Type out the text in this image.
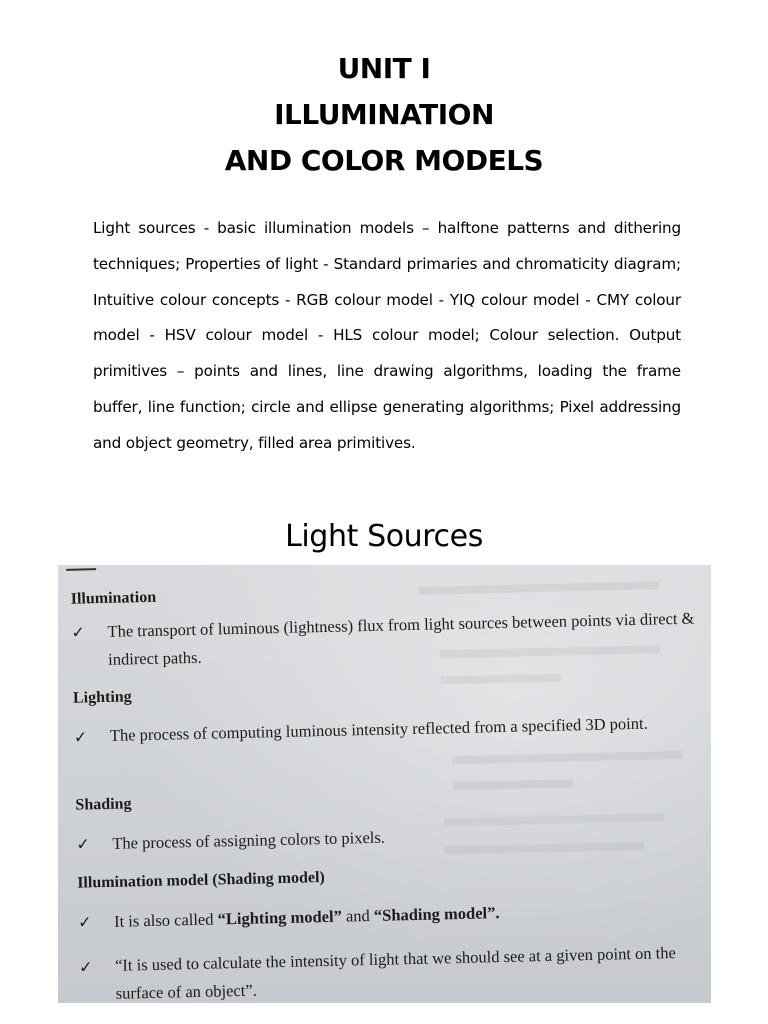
UNIT I
ILLUMINATION
AND COLOR MODELS
Light sources - basic illumination models – halftone patterns and dithering techniques; Properties of light - Standard primaries and chromaticity diagram; Intuitive colour concepts - RGB colour model - YIQ colour model - CMY colour model - HSV colour model - HLS colour model; Colour selection. Output primitives – points and lines, line drawing algorithms, loading the frame buffer, line function; circle and ellipse generating algorithms; Pixel addressing and object geometry, filled area primitives.
Light Sources
Illumination
✓ The transport of luminous (lightness) flux from light sources between points via direct & indirect paths.
Lighting
✓ The process of computing luminous intensity reflected from a specified 3D point.
Shading
✓ The process of assigning colors to pixels.
Illumination model (Shading model)
✓ It is also called “Lighting model” and “Shading model”.
✓ “It is used to calculate the intensity of light that we should see at a given point on the surface of an object”.
